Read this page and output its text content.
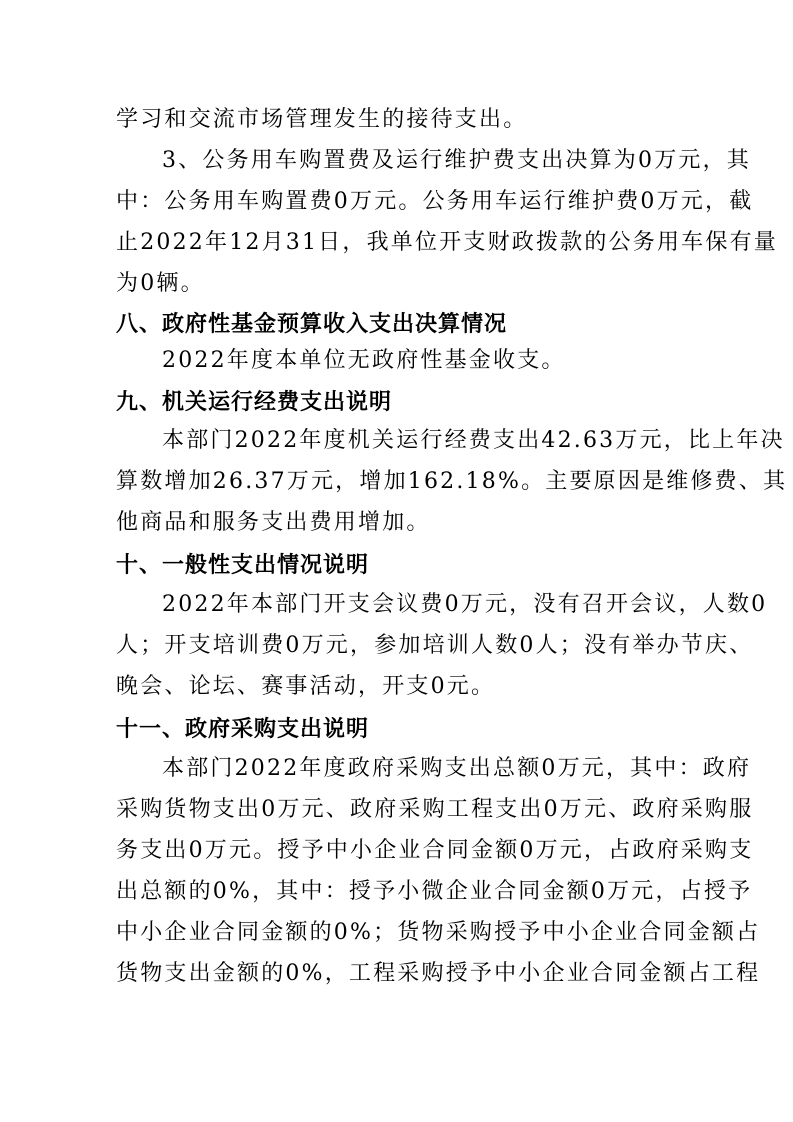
学习和交流市场管理发生的接待支出。
3、公务用车购置费及运行维护费支出决算为0万元，其
中：公务用车购置费0万元。公务用车运行维护费0万元，截
止2022年12月31日，我单位开支财政拨款的公务用车保有量
为0辆。
八、政府性基金预算收入支出决算情况
2022年度本单位无政府性基金收支。
九、机关运行经费支出说明
本部门2022年度机关运行经费支出42.63万元，比上年决
算数增加26.37万元，增加162.18%。主要原因是维修费、其
他商品和服务支出费用增加。
十、一般性支出情况说明
2022年本部门开支会议费0万元，没有召开会议，人数0
人；开支培训费0万元，参加培训人数0人；没有举办节庆、
晚会、论坛、赛事活动，开支0元。
十一、政府采购支出说明
本部门2022年度政府采购支出总额0万元，其中：政府
采购货物支出0万元、政府采购工程支出0万元、政府采购服
务支出0万元。授予中小企业合同金额0万元，占政府采购支
出总额的0%，其中：授予小微企业合同金额0万元，占授予
中小企业合同金额的0%；货物采购授予中小企业合同金额占
货物支出金额的0%，工程采购授予中小企业合同金额占工程
